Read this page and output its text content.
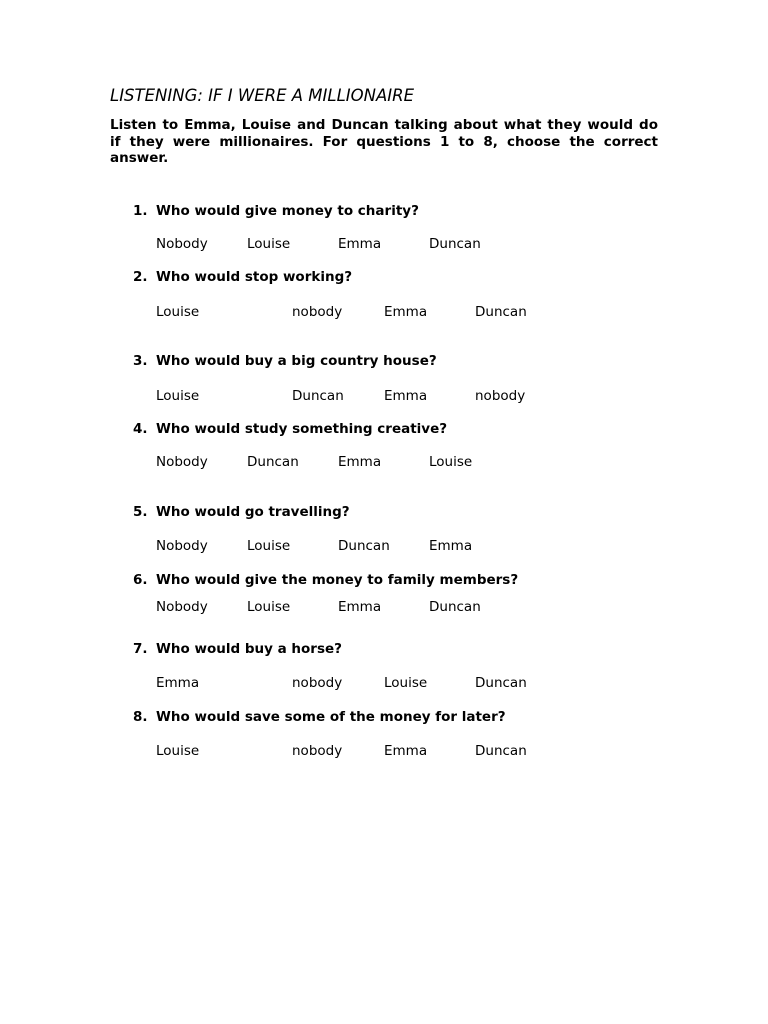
LISTENING: IF I WERE A MILLIONAIRE
Listen to Emma, Louise and Duncan talking about what they would do if they were millionaires. For questions 1 to 8, choose the correct answer.
1. Who would give money to charity?
Nobody	Louise	Emma	Duncan
2. Who would stop working?
Louise	nobody	Emma	Duncan
3. Who would buy a big country house?
Louise	Duncan	Emma	nobody
4. Who would study something creative?
Nobody	Duncan	Emma	Louise
5. Who would go travelling?
Nobody	Louise	Duncan	Emma
6. Who would give the money to family members?
Nobody	Louise	Emma	Duncan
7. Who would buy a horse?
Emma	nobody	Louise	Duncan
8. Who would save some of the money for later?
Louise	nobody	Emma	Duncan
